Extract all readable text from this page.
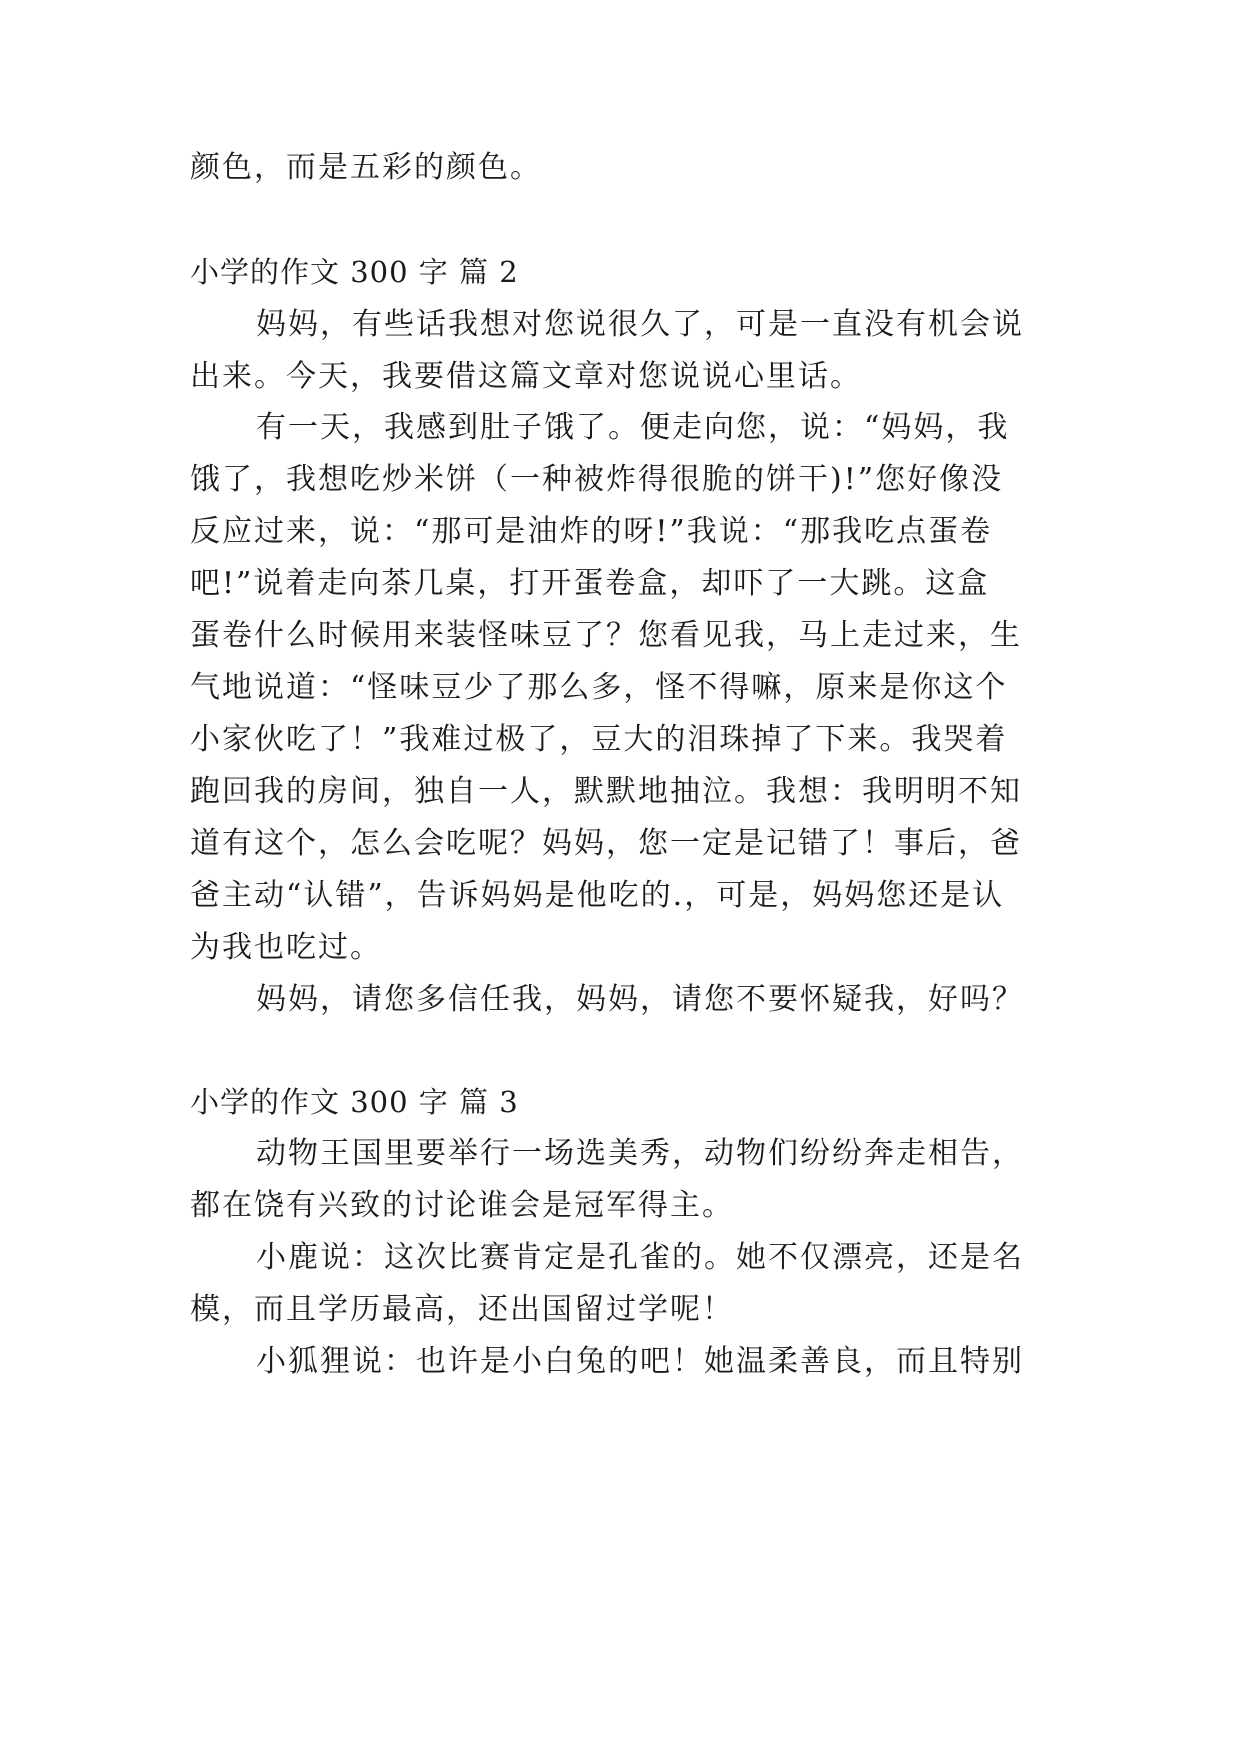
颜色，而是五彩的颜色。
小学的作文 300 字 篇 2
妈妈，有些话我想对您说很久了，可是一直没有机会说
出来。今天，我要借这篇文章对您说说心里话。
有一天，我感到肚子饿了。便走向您，说：“妈妈，我
饿了，我想吃炒米饼（一种被炸得很脆的饼干)!”您好像没
反应过来，说：“那可是油炸的呀!”我说：“那我吃点蛋卷
吧!”说着走向茶几桌，打开蛋卷盒，却吓了一大跳。这盒
蛋卷什么时候用来装怪味豆了？您看见我，马上走过来，生
气地说道：“怪味豆少了那么多，怪不得嘛，原来是你这个
小家伙吃了！”我难过极了，豆大的泪珠掉了下来。我哭着
跑回我的房间，独自一人，默默地抽泣。我想：我明明不知
道有这个，怎么会吃呢？妈妈，您一定是记错了！事后，爸
爸主动“认错”，告诉妈妈是他吃的.，可是，妈妈您还是认
为我也吃过。
妈妈，请您多信任我，妈妈，请您不要怀疑我，好吗？
小学的作文 300 字 篇 3
动物王国里要举行一场选美秀，动物们纷纷奔走相告，
都在饶有兴致的讨论谁会是冠军得主。
小鹿说：这次比赛肯定是孔雀的。她不仅漂亮，还是名
模，而且学历最高，还出国留过学呢！
小狐狸说：也许是小白兔的吧！她温柔善良，而且特别
